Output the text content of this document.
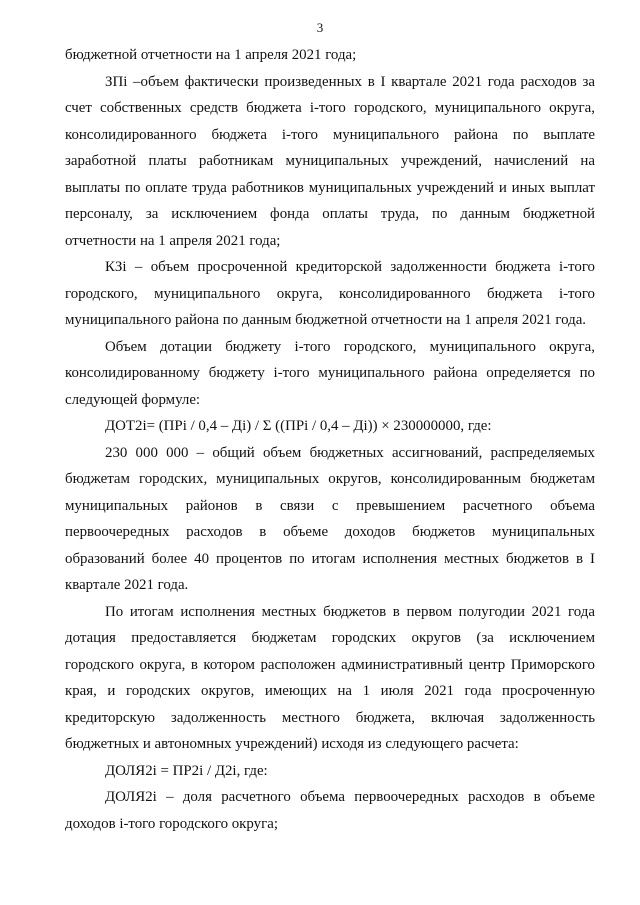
3

бюджетной отчетности на 1 апреля 2021 года;

ЗПі –объем фактически произведенных в І квартале 2021 года расходов за счет собственных средств бюджета і-того городского, муниципального округа, консолидированного бюджета і-того муниципального района по выплате заработной платы работникам муниципальных учреждений, начислений на выплаты по оплате труда работников муниципальных учреждений и иных выплат персоналу, за исключением фонда оплаты труда, по данным бюджетной отчетности на 1 апреля 2021 года;

КЗі – объем просроченной кредиторской задолженности бюджета і-того городского, муниципального округа, консолидированного бюджета і-того муниципального района по данным бюджетной отчетности на 1 апреля 2021 года.

Объем дотации бюджету і-того городского, муниципального округа, консолидированному бюджету і-того муниципального района определяется по следующей формуле:

ДОТ2і= (ПРі / 0,4 – Ді) / Σ ((ПРі / 0,4 – Ді)) × 230000000, где:

230 000 000 – общий объем бюджетных ассигнований, распределяемых бюджетам городских, муниципальных округов, консолидированным бюджетам муниципальных районов в связи с превышением расчетного объема первоочередных расходов в объеме доходов бюджетов муниципальных образований более 40 процентов по итогам исполнения местных бюджетов в І квартале 2021 года.

По итогам исполнения местных бюджетов в первом полугодии 2021 года дотация предоставляется бюджетам городских округов (за исключением городского округа, в котором расположен административный центр Приморского края, и городских округов, имеющих на 1 июля 2021 года просроченную кредиторскую задолженность местного бюджета, включая задолженность бюджетных и автономных учреждений) исходя из следующего расчета:

ДОЛЯ2і = ПР2і / Д2і, где:

ДОЛЯ2і – доля расчетного объема первоочередных расходов в объеме доходов і-того городского округа;
